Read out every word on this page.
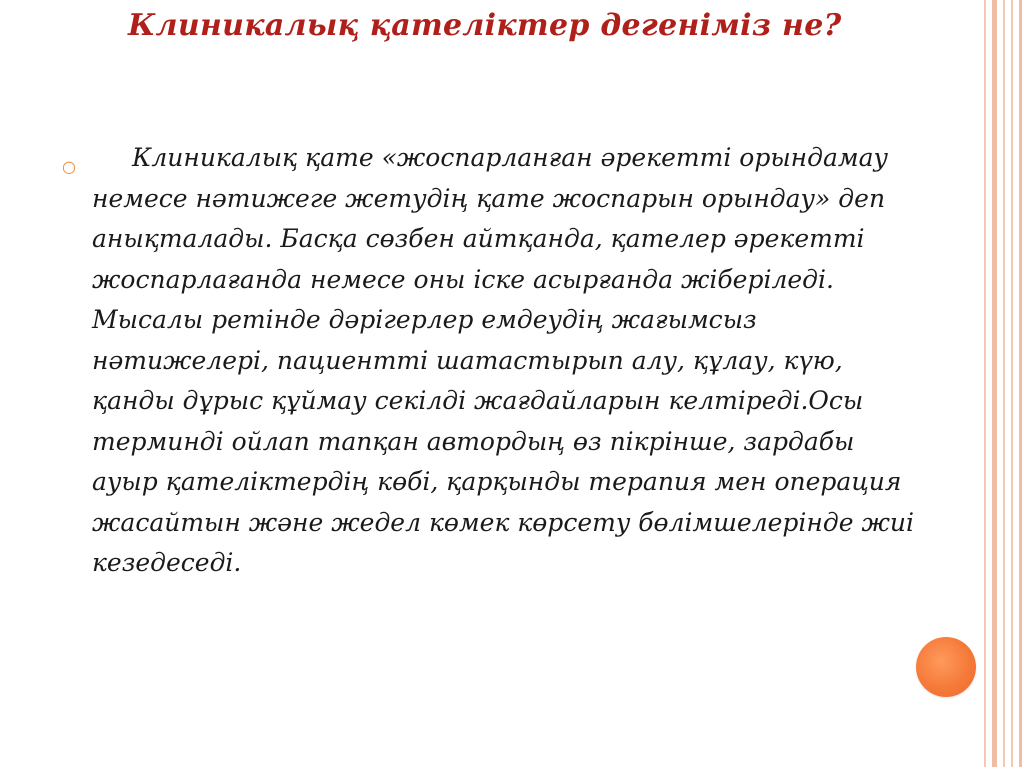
Клиникалық қателіктер дегеніміз не?
○	Клиникалық қате «жоспарланған әрекетті орындамау немесе нәтижеге жетудің қате жоспарын орындау» деп анықталады. Басқа сөзбен айтқанда, қателер әрекетті жоспарлағанда немесе оны іске асырғанда жіберіледі. Мысалы ретінде дәрігерлер емдеудің жағымсыз нәтижелері, пациентті шатастырып алу, құлау, күю, қанды дұрыс құймау секілді жағдайларын келтіреді.Осы терминді ойлап тапқан автордың өз пікрінше, зардабы ауыр қателіктердің көбі, қарқынды терапия мен операция жасайтын және жедел көмек көрсету бөлімшелерінде жиі кезедеседі.
